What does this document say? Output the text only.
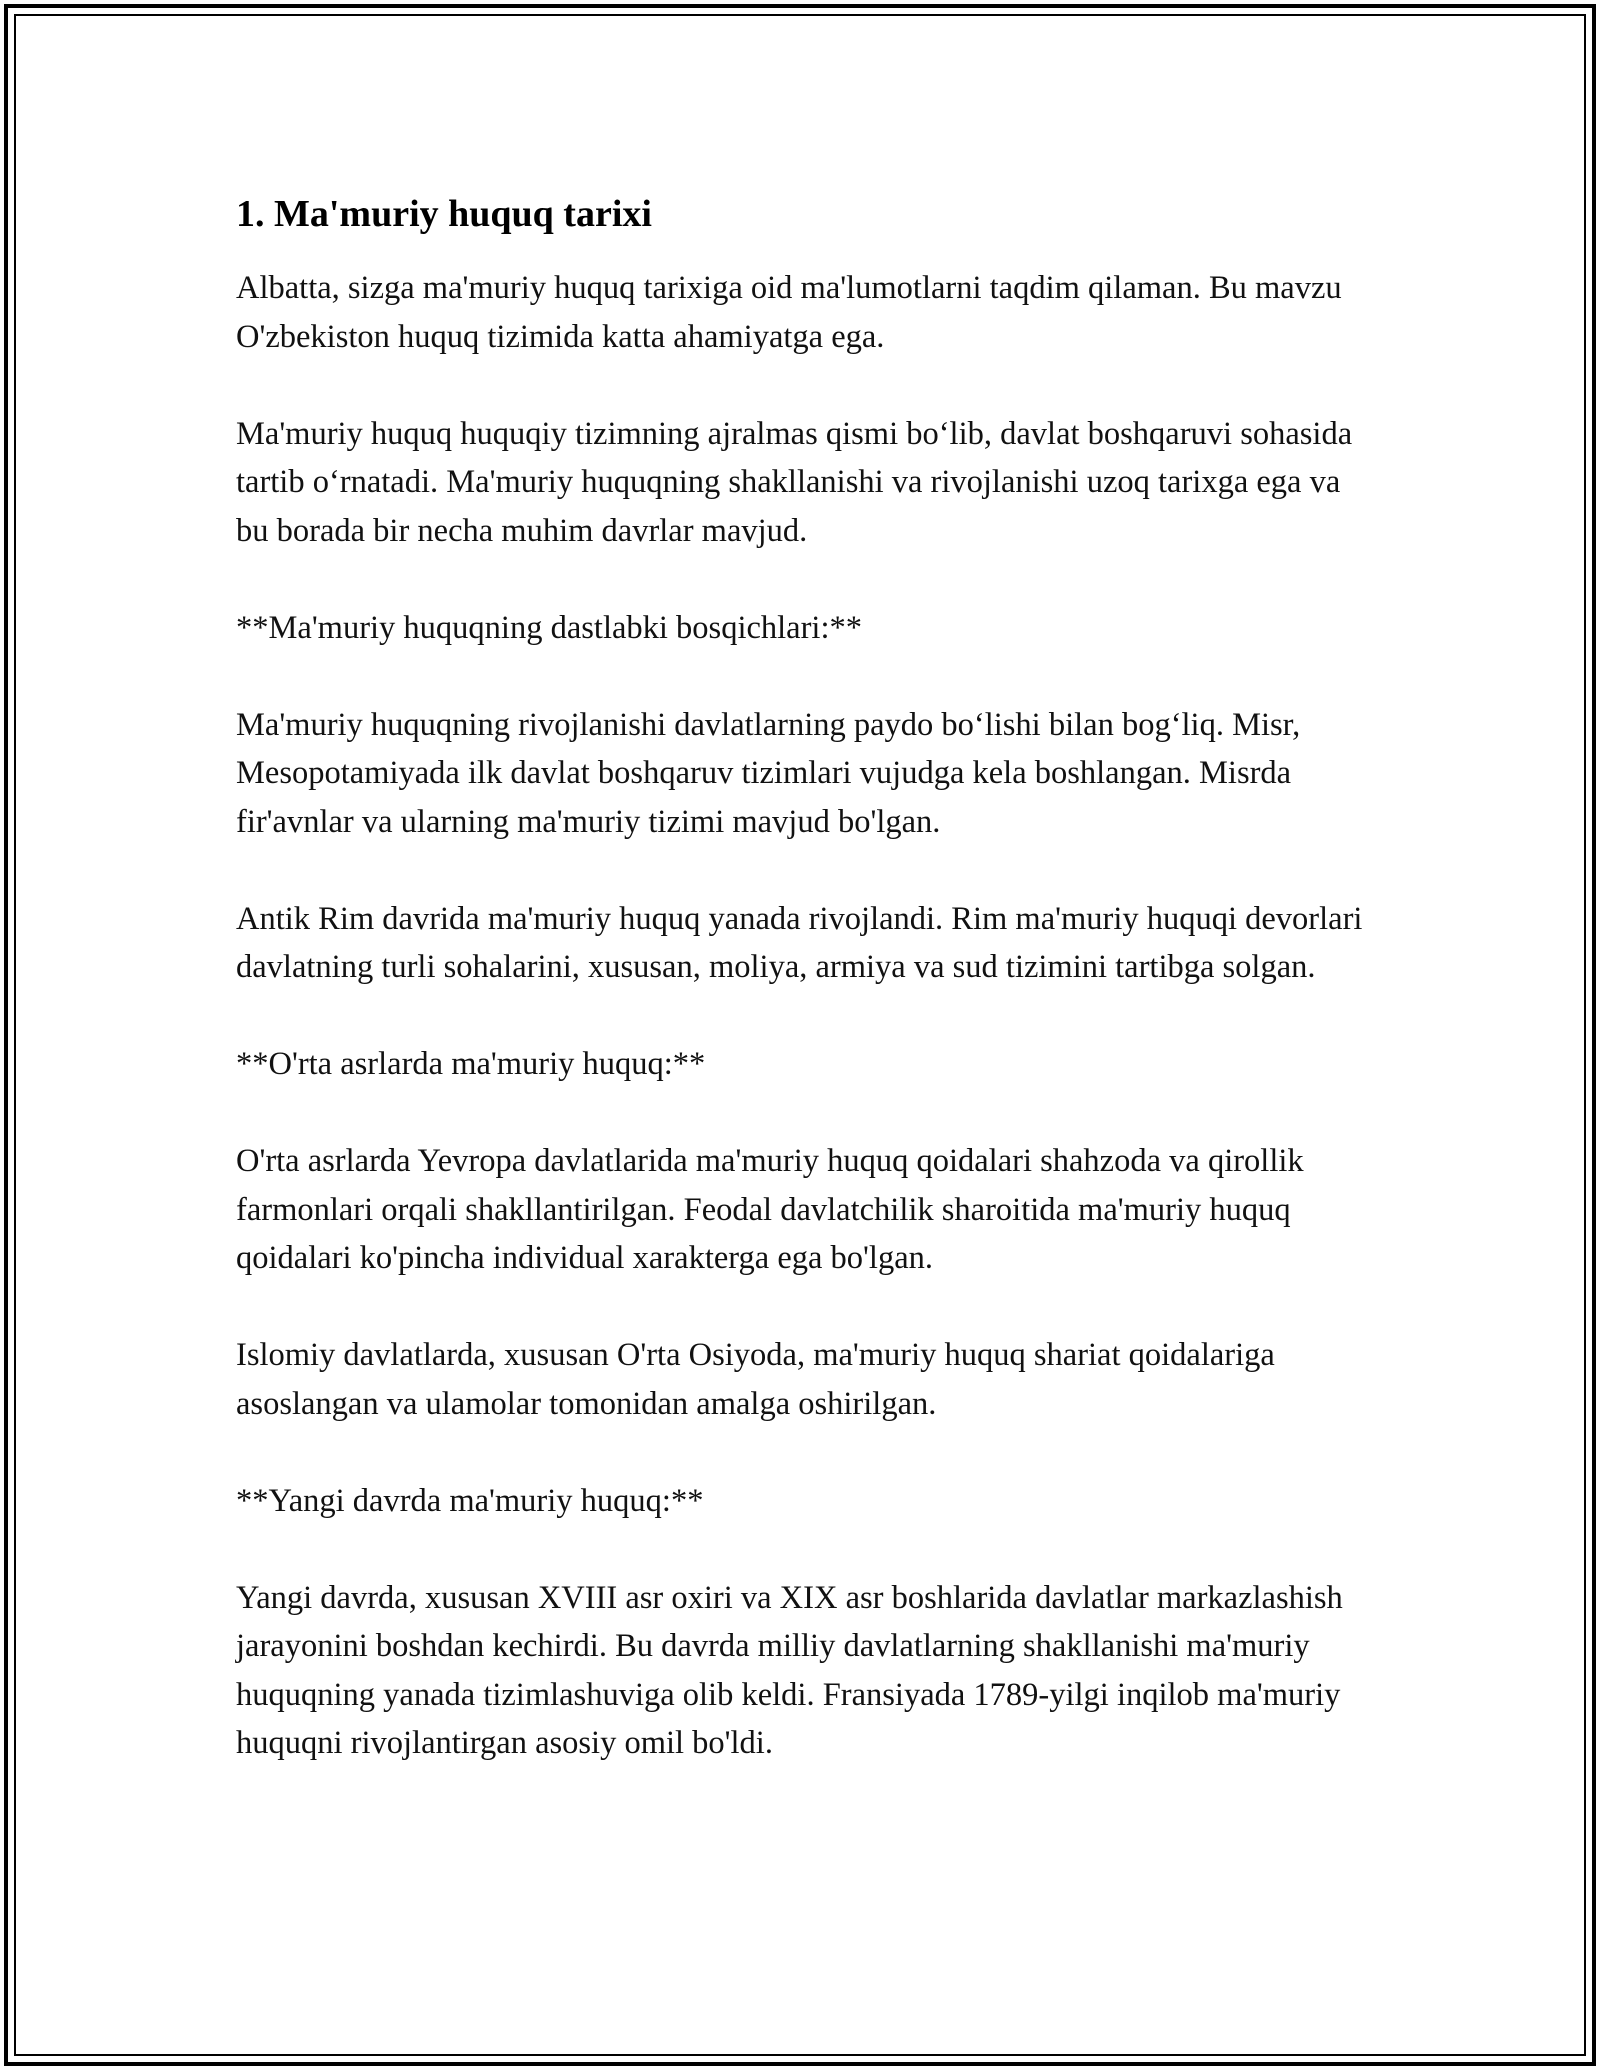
1. Ma'muriy huquq tarixi

Albatta, sizga ma'muriy huquq tarixiga oid ma'lumotlarni taqdim qilaman. Bu mavzu O'zbekiston huquq tizimida katta ahamiyatga ega.

Ma'muriy huquq huquqiy tizimning ajralmas qismi bo‘lib, davlat boshqaruvi sohasida tartib o‘rnatadi. Ma'muriy huquqning shakllanishi va rivojlanishi uzoq tarixga ega va bu borada bir necha muhim davrlar mavjud.

**Ma'muriy huquqning dastlabki bosqichlari:**

Ma'muriy huquqning rivojlanishi davlatlarning paydo bo‘lishi bilan bog‘liq. Misr, Mesopotamiyada ilk davlat boshqaruv tizimlari vujudga kela boshlangan. Misrda fir'avnlar va ularning ma'muriy tizimi mavjud bo'lgan.

Antik Rim davrida ma'muriy huquq yanada rivojlandi. Rim ma'muriy huquqi devorlari davlatning turli sohalarini, xususan, moliya, armiya va sud tizimini tartibga solgan.

**O'rta asrlarda ma'muriy huquq:**

O'rta asrlarda Yevropa davlatlarida ma'muriy huquq qoidalari shahzoda va qirollik farmonlari orqali shakllantirilgan. Feodal davlatchilik sharoitida ma'muriy huquq qoidalari ko'pincha individual xarakterga ega bo'lgan.

Islomiy davlatlarda, xususan O'rta Osiyoda, ma'muriy huquq shariat qoidalariga asoslangan va ulamolar tomonidan amalga oshirilgan.

**Yangi davrda ma'muriy huquq:**

Yangi davrda, xususan XVIII asr oxiri va XIX asr boshlarida davlatlar markazlashish jarayonini boshdan kechirdi. Bu davrda milliy davlatlarning shakllanishi ma'muriy huquqning yanada tizimlashuviga olib keldi. Fransiyada 1789-yilgi inqilob ma'muriy huquqni rivojlantirgan asosiy omil bo'ldi.
